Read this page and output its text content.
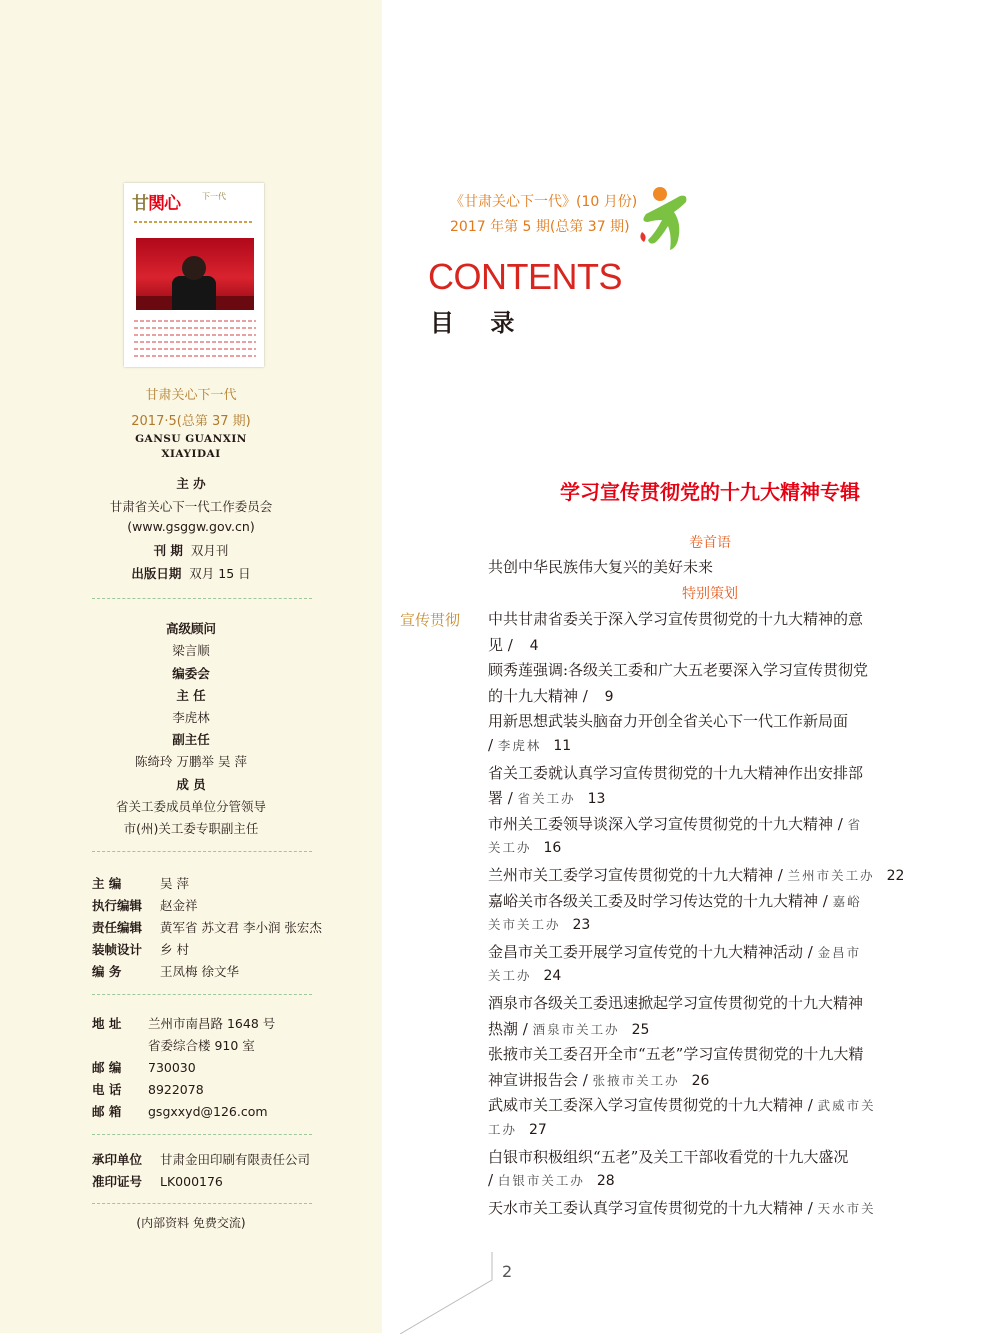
甘関心	下一代
甘肃关心下一代
2017·5(总第 37 期)
GANSU GUANXIN
XIAYIDAI
主 办
甘肃省关心下一代工作委员会
(www.gsggw.gov.cn)
刊 期 双月刊
出版日期 双月 15 日
高级顾问
梁言顺
编委会
主 任
李虎林
副主任
陈绮玲 万鹏举 吴 萍
成 员
省关工委成员单位分管领导
市(州)关工委专职副主任
主 编	吴 萍
执行编辑 赵金祥
责任编辑 黄军省 苏文君 李小润 张宏杰
装帧设计 乡 村
编 务	王凤梅 徐文华
地 址 兰州市南昌路 1648 号
省委综合楼 910 室
邮 编 730030
电 话 8922078
邮 箱 gsgxxyd@126.com
承印单位 甘肃金田印刷有限责任公司
准印证号 LK000176
(内部资料 免费交流)
《甘肃关心下一代》(10 月份)
2017 年第 5 期(总第 37 期)
CONTENTS
目 录
学习宣传贯彻党的十九大精神专辑
卷首语
共创中华民族伟大复兴的美好未来
特别策划
宣传贯彻 中共甘肃省委关于深入学习宣传贯彻党的十九大精神的意
见 / 4
顾秀莲强调:各级关工委和广大五老要深入学习宣传贯彻党
的十九大精神 / 9
用新思想武装头脑奋力开创全省关心下一代工作新局面
/ 李虎林 11
省关工委就认真学习宣传贯彻党的十九大精神作出安排部
署 / 省关工办 13
市州关工委领导谈深入学习宣传贯彻党的十九大精神 / 省
关工办 16
兰州市关工委学习宣传贯彻党的十九大精神 / 兰州市关工办 22
嘉峪关市各级关工委及时学习传达党的十九大精神 / 嘉峪
关市关工办 23
金昌市关工委开展学习宣传党的十九大精神活动 / 金昌市
关工办 24
酒泉市各级关工委迅速掀起学习宣传贯彻党的十九大精神
热潮 / 酒泉市关工办 25
张掖市关工委召开全市“五老”学习宣传贯彻党的十九大精
神宣讲报告会 / 张掖市关工办 26
武威市关工委深入学习宣传贯彻党的十九大精神 / 武威市关
工办 27
白银市积极组织“五老”及关工干部收看党的十九大盛况
/ 白银市关工办 28
天水市关工委认真学习宣传贯彻党的十九大精神 / 天水市关
2
